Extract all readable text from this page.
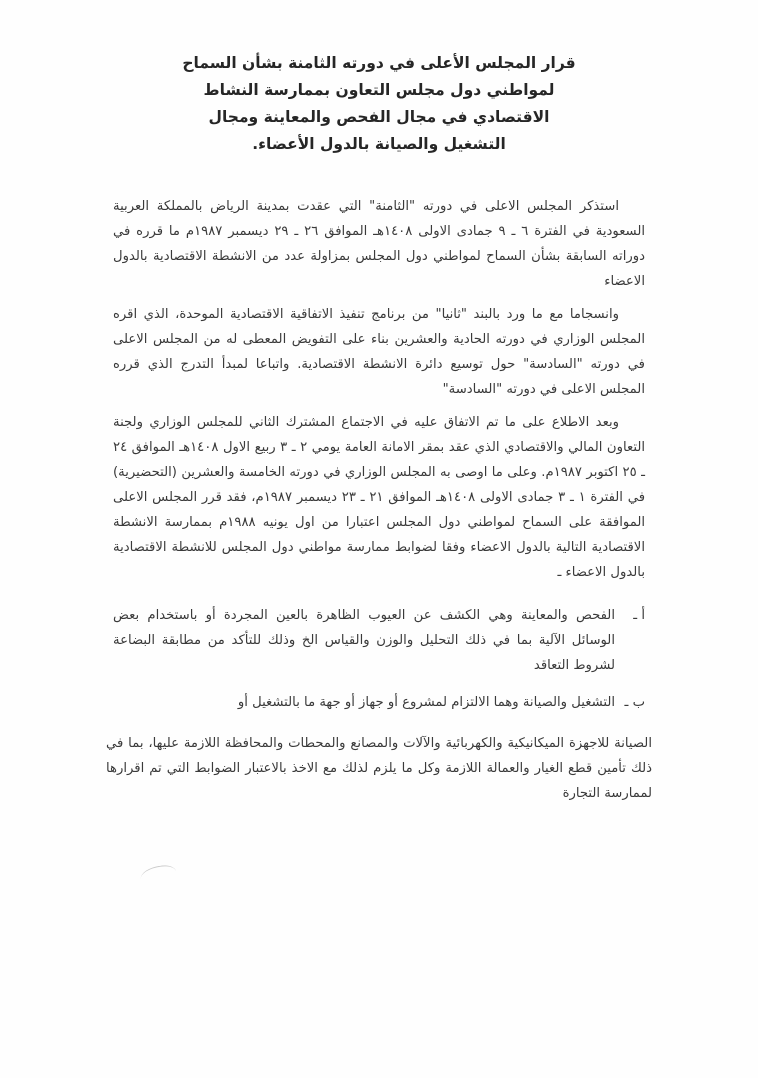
قرار المجلس الأعلى في دورته الثامنة بشأن السماح
لمواطني دول مجلس التعاون بممارسة النشاط
الاقتصادي في مجال الفحص والمعاينة ومجال
التشغيل والصيانة بالدول الأعضاء.

استذكر المجلس الاعلى في دورته "الثامنة" التي عقدت بمدينة الرياض بالمملكة العربية السعودية في الفترة ٦ ـ ٩ جمادى الاولى ١٤٠٨هـ الموافق ٢٦ ـ ٢٩ ديسمبر ١٩٨٧م ما قرره في دوراته السابقة بشأن السماح لمواطني دول المجلس بمزاولة عدد من الانشطة الاقتصادية بالدول الاعضاء

وانسجاما مع ما ورد بالبند "ثانيا" من برنامج تنفيذ الاتفاقية الاقتصادية الموحدة، الذي اقره المجلس الوزاري في دورته الحادية والعشرين بناء على التفويض المعطى له من المجلس الاعلى في دورته "السادسة" حول توسيع دائرة الانشطة الاقتصادية. واتباعا لمبدأ التدرج الذي قرره المجلس الاعلى في دورته "السادسة"

وبعد الاطلاع على ما تم الاتفاق عليه في الاجتماع المشترك الثاني للمجلس الوزاري ولجنة التعاون المالي والاقتصادي الذي عقد بمقر الامانة العامة يومي ٢ ـ ٣ ربيع الاول ١٤٠٨هـ الموافق ٢٤ ـ ٢٥ اكتوبر ١٩٨٧م. وعلى ما اوصى به المجلس الوزاري في دورته الخامسة والعشرين (التحضيرية) في الفترة ١ ـ ٣ جمادى الاولى ١٤٠٨هـ الموافق ٢١ ـ ٢٣ ديسمبر ١٩٨٧م، فقد قرر المجلس الاعلى الموافقة على السماح لمواطني دول المجلس اعتبارا من اول يونيه ١٩٨٨م بممارسة الانشطة الاقتصادية التالية بالدول الاعضاء وفقا لضوابط ممارسة مواطني دول المجلس للانشطة الاقتصادية بالدول الاعضاء ـ

أ ـ
الفحص والمعاينة وهي الكشف عن العيوب الظاهرة بالعين المجردة أو باستخدام بعض الوسائل الآلية بما في ذلك التحليل والوزن والقياس الخ وذلك للتأكد من مطابقة البضاعة لشروط التعاقد
ب ـ
التشغيل والصيانة وهما الالتزام لمشروع أو جهاز أو جهة ما بالتشغيل أو

الصيانة للاجهزة الميكانيكية والكهربائية والآلات والمصانع والمحطات والمحافظة اللازمة عليها، بما في ذلك تأمين قطع الغيار والعمالة اللازمة وكل ما يلزم لذلك مع الاخذ بالاعتبار الضوابط التي تم اقرارها لممارسة التجارة
